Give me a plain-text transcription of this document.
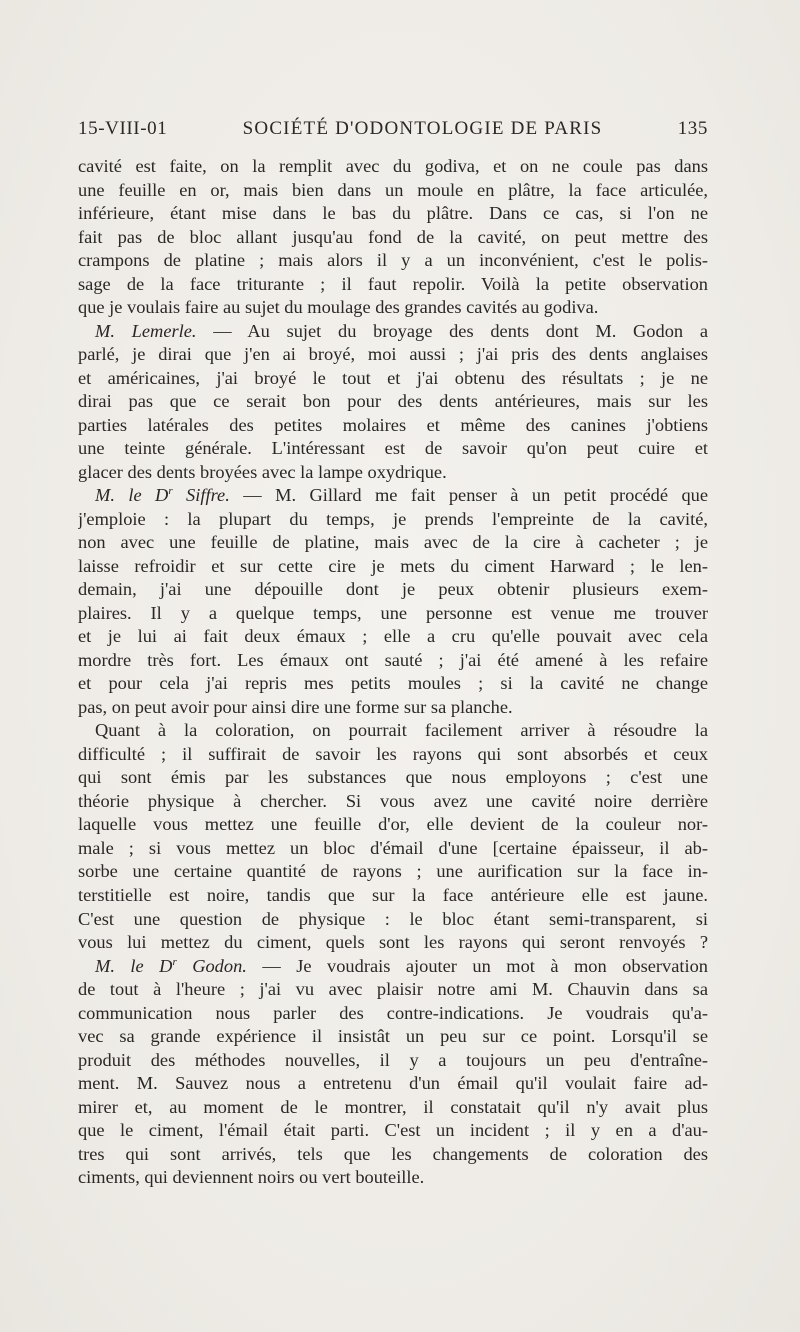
15-VIII-01	SOCIÉTÉ D'ODONTOLOGIE DE PARIS	135
cavité est faite, on la remplit avec du godiva, et on ne coule pas dans
une feuille en or, mais bien dans un moule en plâtre, la face articulée,
inférieure, étant mise dans le bas du plâtre. Dans ce cas, si l'on ne
fait pas de bloc allant jusqu'au fond de la cavité, on peut mettre des
crampons de platine ; mais alors il y a un inconvénient, c'est le polis-
sage de la face triturante ; il faut repolir. Voilà la petite observation
que je voulais faire au sujet du moulage des grandes cavités au godiva.
M. Lemerle. — Au sujet du broyage des dents dont M. Godon a
parlé, je dirai que j'en ai broyé, moi aussi ; j'ai pris des dents anglaises
et américaines, j'ai broyé le tout et j'ai obtenu des résultats ; je ne
dirai pas que ce serait bon pour des dents antérieures, mais sur les
parties latérales des petites molaires et même des canines j'obtiens
une teinte générale. L'intéressant est de savoir qu'on peut cuire et
glacer des dents broyées avec la lampe oxydrique.
M. le $D^r$ Siffre. — M. Gillard me fait penser à un petit procédé que
j'emploie : la plupart du temps, je prends l'empreinte de la cavité,
non avec une feuille de platine, mais avec de la cire à cacheter ; je
laisse refroidir et sur cette cire je mets du ciment Harward ; le len-
demain, j'ai une dépouille dont je peux obtenir plusieurs exem-
plaires. Il y a quelque temps, une personne est venue me trouver
et je lui ai fait deux émaux ; elle a cru qu'elle pouvait avec cela
mordre très fort. Les émaux ont sauté ; j'ai été amené à les refaire
et pour cela j'ai repris mes petits moules ; si la cavité ne change
pas, on peut avoir pour ainsi dire une forme sur sa planche.
Quant à la coloration, on pourrait facilement arriver à résoudre la
difficulté ; il suffirait de savoir les rayons qui sont absorbés et ceux
qui sont émis par les substances que nous employons ; c'est une
théorie physique à chercher. Si vous avez une cavité noire derrière
laquelle vous mettez une feuille d'or, elle devient de la couleur nor-
male ; si vous mettez un bloc d'émail d'une [certaine épaisseur, il ab-
sorbe une certaine quantité de rayons ; une aurification sur la face in-
terstitielle est noire, tandis que sur la face antérieure elle est jaune.
C'est une question de physique : le bloc étant semi-transparent, si
vous lui mettez du ciment, quels sont les rayons qui seront renvoyés ?
M. le $D^r$ Godon. — Je voudrais ajouter un mot à mon observation
de tout à l'heure ; j'ai vu avec plaisir notre ami M. Chauvin dans sa
communication nous parler des contre-indications. Je voudrais qu'a-
vec sa grande expérience il insistât un peu sur ce point. Lorsqu'il se
produit des méthodes nouvelles, il y a toujours un peu d'entraîne-
ment. M. Sauvez nous a entretenu d'un émail qu'il voulait faire ad-
mirer et, au moment de le montrer, il constatait qu'il n'y avait plus
que le ciment, l'émail était parti. C'est un incident ; il y en a d'au-
tres qui sont arrivés, tels que les changements de coloration des
ciments, qui deviennent noirs ou vert bouteille.
